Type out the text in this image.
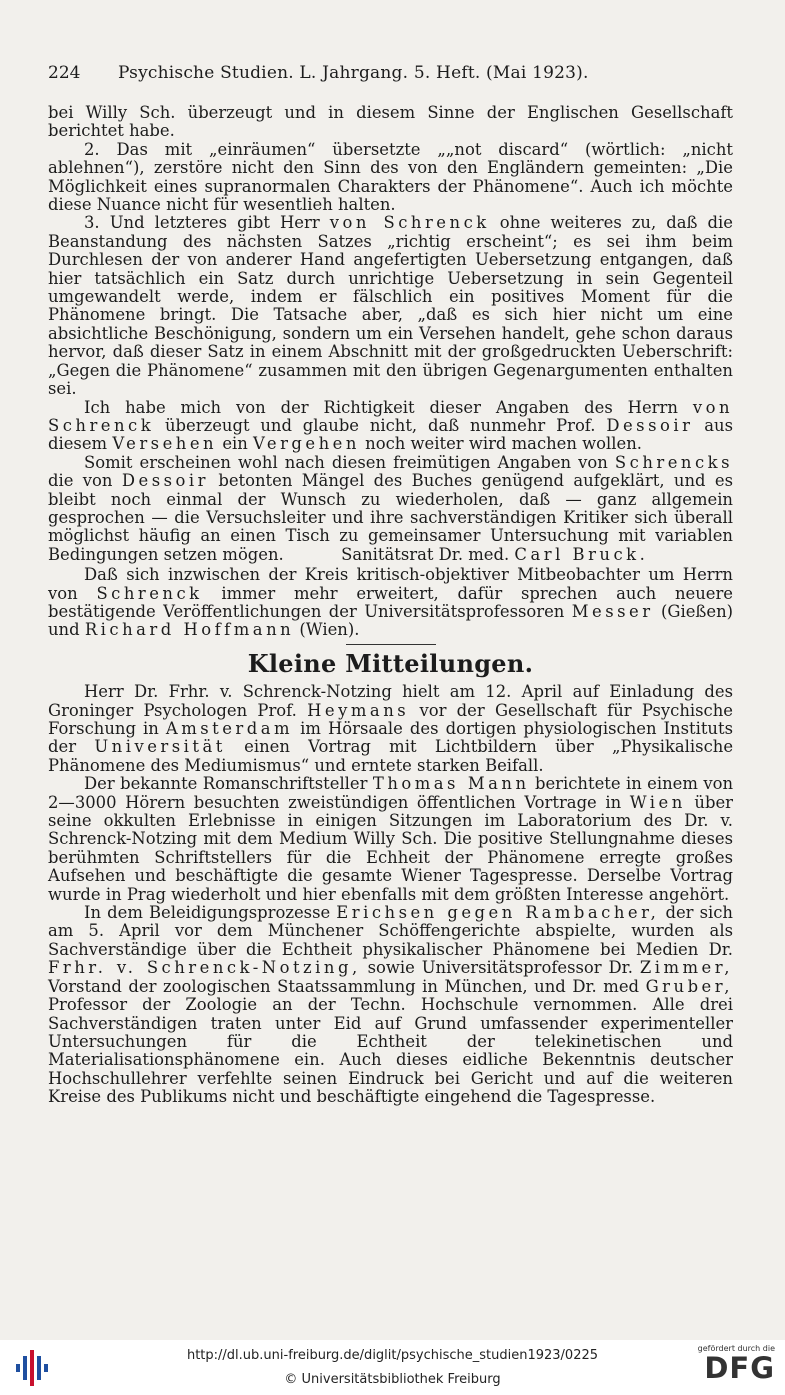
224	Psychische Studien. L. Jahrgang. 5. Heft. (Mai 1923).

bei Willy Sch. überzeugt und in diesem Sinne der Englischen Gesellschaft berichtet habe.

2. Das mit „einräumen“ übersetzte „„not discard“ (wörtlich: „nicht ablehnen“), zerstöre nicht den Sinn des von den Engländern gemeinten: „Die Möglichkeit eines supranormalen Charakters der Phänomene“. Auch ich möchte diese Nuance nicht für wesentlieh halten.

3. Und letzteres gibt Herr von Schrenck ohne weiteres zu, daß die Beanstandung des nächsten Satzes „richtig erscheint“; es sei ihm beim Durchlesen der von anderer Hand angefertigten Uebersetzung entgangen, daß hier tatsächlich ein Satz durch unrichtige Uebersetzung in sein Gegenteil umgewandelt werde, indem er fälschlich ein positives Moment für die Phänomene bringt. Die Tatsache aber, „daß es sich hier nicht um eine absichtliche Beschönigung, sondern um ein Versehen handelt, gehe schon daraus hervor, daß dieser Satz in einem Abschnitt mit der großgedruckten Ueberschrift: „Gegen die Phänomene“ zusammen mit den übrigen Gegenargumenten enthalten sei.

Ich habe mich von der Richtigkeit dieser Angaben des Herrn von Schrenck überzeugt und glaube nicht, daß nunmehr Prof. Dessoir aus diesem Versehen ein Vergehen noch weiter wird machen wollen.

Somit erscheinen wohl nach diesen freimütigen Angaben von Schrencks die von Dessoir betonten Mängel des Buches genügend aufgeklärt, und es bleibt noch einmal der Wunsch zu wiederholen, daß — ganz allgemein gesprochen — die Versuchsleiter und ihre sachverständigen Kritiker sich überall möglichst häufig an einen Tisch zu gemeinsamer Untersuchung mit variablen Bedingungen setzen mögen.	Sanitätsrat Dr. med. Carl Bruck.

Daß sich inzwischen der Kreis kritisch-objektiver Mitbeobachter um Herrn von Schrenck immer mehr erweitert, dafür sprechen auch neuere bestätigende Veröffentlichungen der Universitätsprofessoren Messer (Gießen) und Richard Hoffmann (Wien).

Kleine Mitteilungen.

Herr Dr. Frhr. v. Schrenck-Notzing hielt am 12. April auf Einladung des Groninger Psychologen Prof. Heymans vor der Gesellschaft für Psychische Forschung in Amsterdam im Hörsaale des dortigen physiologischen Instituts der Universität einen Vortrag mit Lichtbildern über „Physikalische Phänomene des Mediumismus“ und erntete starken Beifall.

Der bekannte Romanschriftsteller Thomas Mann berichtete in einem von 2—3000 Hörern besuchten zweistündigen öffentlichen Vortrage in Wien über seine okkulten Erlebnisse in einigen Sitzungen im Laboratorium des Dr. v. Schrenck-Notzing mit dem Medium Willy Sch. Die positive Stellungnahme dieses berühmten Schriftstellers für die Echheit der Phänomene erregte großes Aufsehen und beschäftigte die gesamte Wiener Tagespresse. Derselbe Vortrag wurde in Prag wiederholt und hier ebenfalls mit dem größten Interesse angehört.

In dem Beleidigungsprozesse Erichsen gegen Rambacher, der sich am 5. April vor dem Münchener Schöffengerichte abspielte, wurden als Sachverständige über die Echtheit physikalischer Phänomene bei Medien Dr. Frhr. v. Schrenck-Notzing, sowie Universitätsprofessor Dr. Zimmer, Vorstand der zoologischen Staatssammlung in München, und Dr. med Gruber, Professor der Zoologie an der Techn. Hochschule vernommen. Alle drei Sachverständigen traten unter Eid auf Grund umfassender experimenteller Untersuchungen für die Echtheit der telekinetischen und Materialisationsphänomene ein. Auch dieses eidliche Bekenntnis deutscher Hochschullehrer verfehlte seinen Eindruck bei Gericht und auf die weiteren Kreise des Publikums nicht und beschäftigte eingehend die Tagespresse.

http://dl.ub.uni-freiburg.de/diglit/psychische_studien1923/0225
© Universitätsbibliothek Freiburg
gefördert durch die
DFG
